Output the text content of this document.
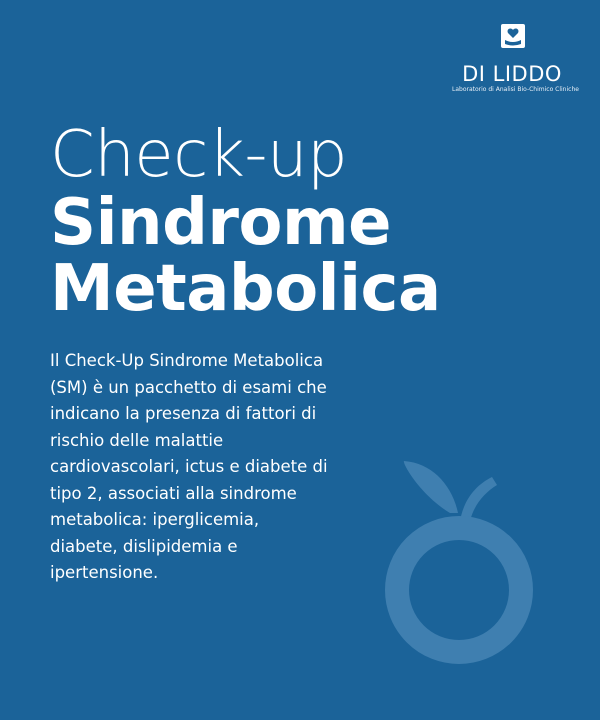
DI LIDDO
Laboratorio di Analisi Bio-Chimico Cliniche
Check-up
Sindrome
Metabolica
Il Check-Up Sindrome Metabolica (SM) è un pacchetto di esami che indicano la presenza di fattori di rischio delle malattie cardiovascolari, ictus e diabete di tipo 2, associati alla sindrome metabolica: iperglicemia, diabete, dislipidemia e ipertensione.
